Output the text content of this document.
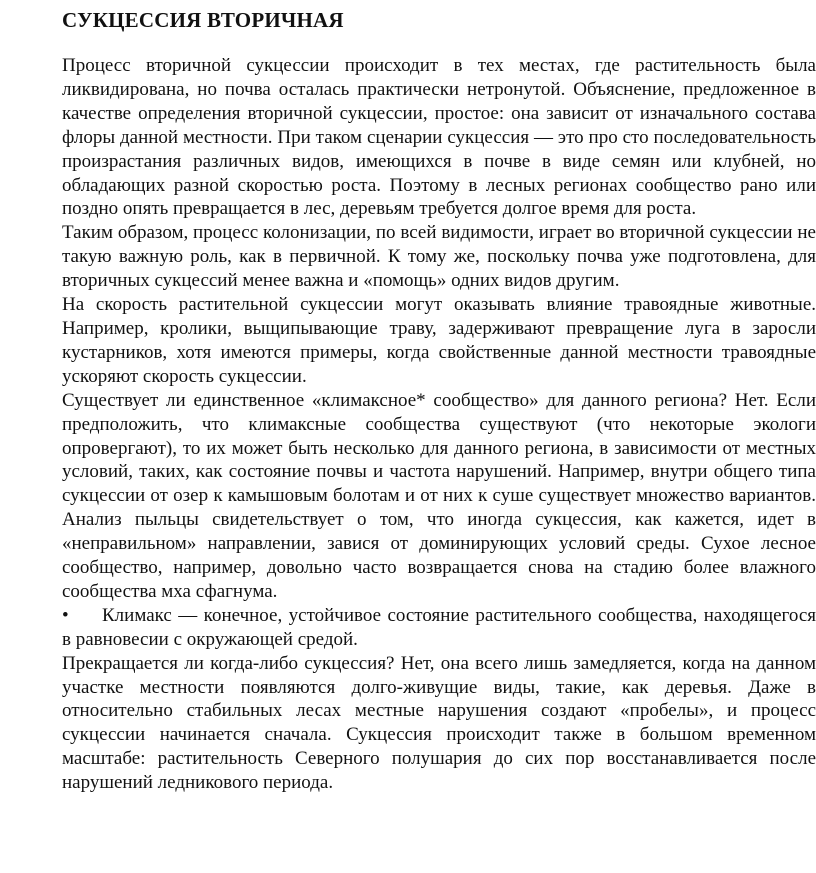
СУКЦЕССИЯ ВТОРИЧНАЯ

Процесс вторичной сукцессии происходит в тех местах, где растительность была ликвидирована, но почва осталась практически нетронутой. Объяснение, предложенное в качестве определения вторичной сукцессии, простое: она зависит от изначального состава флоры данной местности. При таком сценарии сукцессия — это про сто последовательность произрастания различных видов, имеющихся в почве в виде семян или клубней, но обладающих разной скоростью роста. Поэтому в лесных регионах сообщество рано или поздно опять превращается в лес, деревьям требуется долгое время для роста.

Таким образом, процесс колонизации, по всей видимости, играет во вторичной сукцессии не такую важную роль, как в первичной. К тому же, поскольку почва уже подготовлена, для вторичных сукцессий менее важна и «помощь» одних видов другим.

На скорость растительной сукцессии могут оказывать влияние травоядные животные. Например, кролики, выщипывающие траву, задерживают превращение луга в заросли кустарников, хотя имеются примеры, когда свойственные данной местности травоядные ускоряют скорость сукцессии.

Существует ли единственное «климаксное* сообщество» для данного региона? Нет. Если предположить, что климаксные сообщества существуют (что некоторые экологи опровергают), то их может быть несколько для данного региона, в зависимости от местных условий, таких, как состояние почвы и частота нарушений. Например, внутри общего типа сукцессии от озер к камышовым болотам и от них к суше существует множество вариантов. Анализ пыльцы свидетельствует о том, что иногда сукцессия, как кажется, идет в «неправильном» направлении, завися от доминирующих условий среды. Сухое лесное сообщество, например, довольно часто возвращается снова на стадию более влажного сообщества мха сфагнума.

• Климакс — конечное, устойчивое состояние растительного сообщества, находящегося в равновесии с окружающей средой.

Прекращается ли когда-либо сукцессия? Нет, она всего лишь замедляется, когда на данном участке местности появляются долго-живущие виды, такие, как деревья. Даже в относительно стабильных лесах местные нарушения создают «пробелы», и процесс сукцессии начинается сначала. Сукцессия происходит также в большом временном масштабе: растительность Северного полушария до сих пор восстанавливается после нарушений ледникового периода.
